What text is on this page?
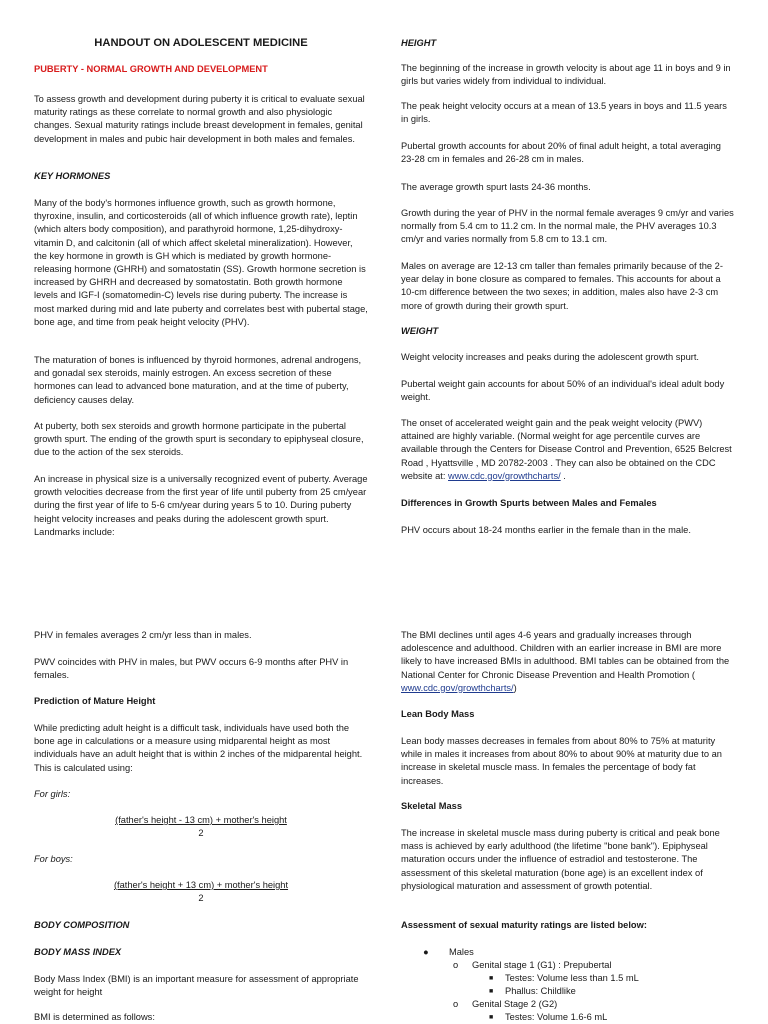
HANDOUT ON ADOLESCENT MEDICINE
PUBERTY - NORMAL GROWTH AND DEVELOPMENT

To assess growth and development during puberty it is critical to evaluate sexual maturity ratings as these correlate to normal growth and also physiologic changes. Sexual maturity ratings include breast development in females, genital development in males and pubic hair development in both males and females.

KEY HORMONES

Many of the body's hormones influence growth, such as growth hormone, thyroxine, insulin, and corticosteroids (all of which influence growth rate), leptin (which alters body composition), and parathyroid hormone, 1,25-dihydroxy-vitamin D, and calcitonin (all of which affect skeletal mineralization). However, the key hormone in growth is GH which is mediated by growth hormone-releasing hormone (GHRH) and somatostatin (SS). Growth hormone secretion is increased by GHRH and decreased by somatostatin. Both growth hormone levels and IGF-I (somatomedin-C) levels rise during puberty. The increase is most marked during mid and late puberty and correlates best with pubertal stage, bone age, and time from peak height velocity (PHV).

The maturation of bones is influenced by thyroid hormones, adrenal androgens, and gonadal sex steroids, mainly estrogen. An excess secretion of these hormones can lead to advanced bone maturation, and at the time of puberty, deficiency causes delay.

At puberty, both sex steroids and growth hormone participate in the pubertal growth spurt. The ending of the growth spurt is secondary to epiphyseal closure, due to the action of the sex steroids.

An increase in physical size is a universally recognized event of puberty. Average growth velocities decrease from the first year of life until puberty from 25 cm/year during the first year of life to 5-6 cm/year during years 5 to 10. During puberty height velocity increases and peaks during the adolescent growth spurt. Landmarks include:

HEIGHT

The beginning of the increase in growth velocity is about age 11 in boys and 9 in girls but varies widely from individual to individual.

The peak height velocity occurs at a mean of 13.5 years in boys and 11.5 years in girls.

Pubertal growth accounts for about 20% of final adult height, a total averaging 23-28 cm in females and 26-28 cm in males.

The average growth spurt lasts 24-36 months.

Growth during the year of PHV in the normal female averages 9 cm/yr and varies normally from 5.4 cm to 11.2 cm. In the normal male, the PHV averages 10.3 cm/yr and varies normally from 5.8 cm to 13.1 cm.

Males on average are 12-13 cm taller than females primarily because of the 2-year delay in bone closure as compared to females. This accounts for about a 10-cm difference between the two sexes; in addition, males also have 2-3 cm more of growth during their growth spurt.

WEIGHT

Weight velocity increases and peaks during the adolescent growth spurt.

Pubertal weight gain accounts for about 50% of an individual's ideal adult body weight.

The onset of accelerated weight gain and the peak weight velocity (PWV) attained are highly variable. (Normal weight for age percentile curves are available through the Centers for Disease Control and Prevention, 6525 Belcrest Road , Hyattsville , MD 20782-2003 . They can also be obtained on the CDC website at: www.cdc.gov/growthcharts/ .

Differences in Growth Spurts between Males and Females

PHV occurs about 18-24 months earlier in the female than in the male.

PHV in females averages 2 cm/yr less than in males.

PWV coincides with PHV in males, but PWV occurs 6-9 months after PHV in females.

Prediction of Mature Height

While predicting adult height is a difficult task, individuals have used both the bone age in calculations or a measure using midparental height as most individuals have an adult height that is within 2 inches of the midparental height. This is calculated using:

For girls:
(father's height - 13 cm) + mother's height
2
For boys:
(father's height + 13 cm) + mother's height
2
BODY COMPOSITION
BODY MASS INDEX

Body Mass Index (BMI) is an important measure for assessment of appropriate weight for height

BMI is determined as follows:

The BMI declines until ages 4-6 years and gradually increases through adolescence and adulthood. Children with an earlier increase in BMI are more likely to have increased BMIs in adulthood. BMI tables can be obtained from the National Center for Chronic Disease Prevention and Health Promotion ( www.cdc.gov/growthcharts/)

Lean Body Mass

Lean body masses decreases in females from about 80% to 75% at maturity while in males it increases from about 80% to about 90% at maturity due to an increase in skeletal muscle mass. In females the percentage of body fat increases.

Skeletal Mass

The increase in skeletal muscle mass during puberty is critical and peak bone mass is achieved by early adulthood (the lifetime "bone bank"). Epiphyseal maturation occurs under the influence of estradiol and testosterone. The assessment of this skeletal maturation (bone age) is an excellent index of physiological maturation and assessment of growth potential.

Assessment of sexual maturity ratings are listed below:
● Males
o Genital stage 1 (G1) : Prepubertal
■ Testes: Volume less than 1.5 mL
■ Phallus: Childlike
o Genital Stage 2 (G2)
■ Testes: Volume 1.6-6 mL
